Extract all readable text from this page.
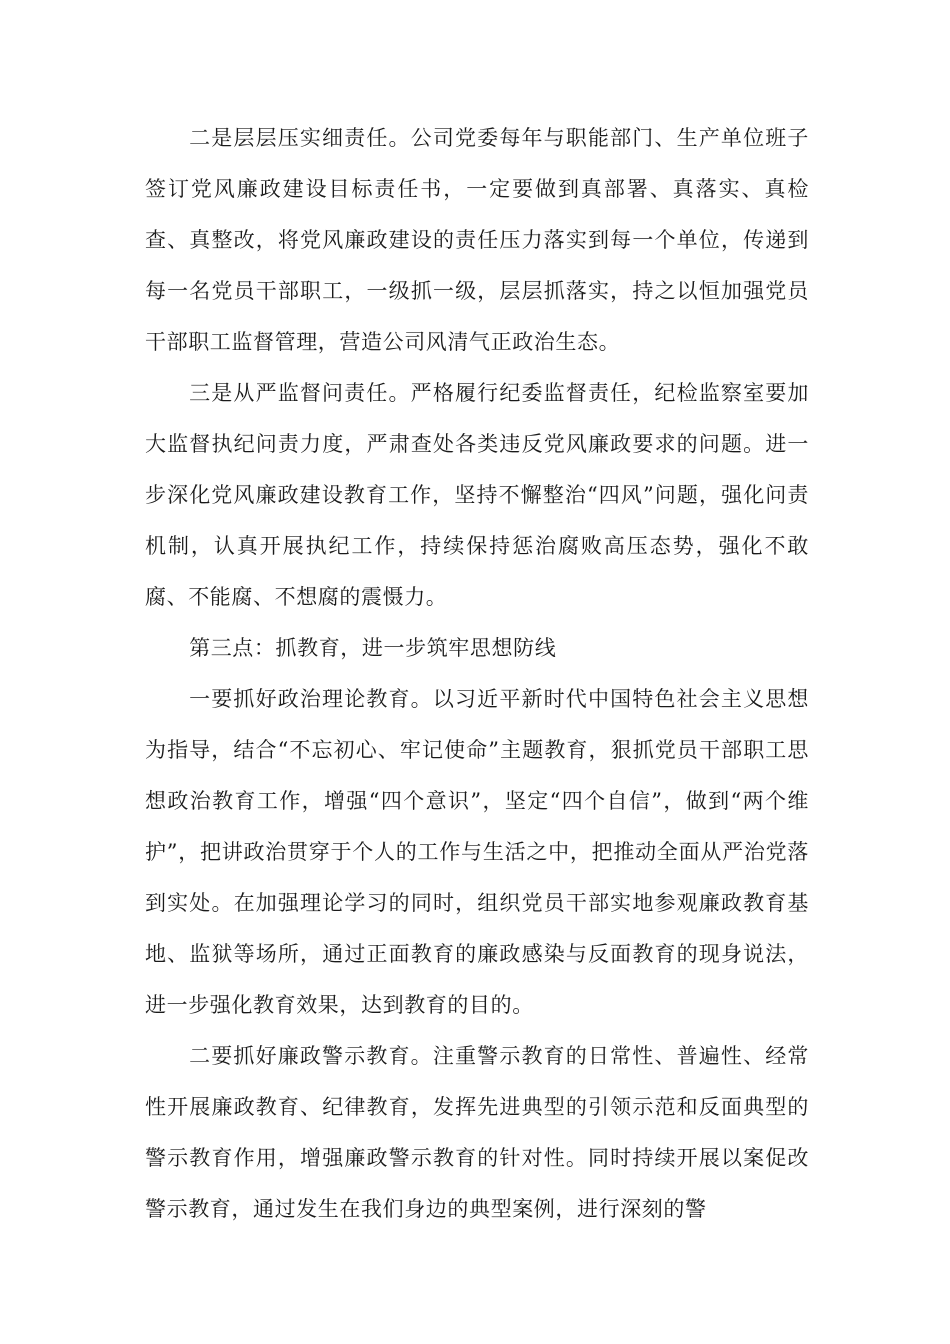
二是层层压实细责任。公司党委每年与职能部门、生产单位班子签订党风廉政建设目标责任书，一定要做到真部署、真落实、真检查、真整改，将党风廉政建设的责任压力落实到每一个单位，传递到每一名党员干部职工，一级抓一级，层层抓落实，持之以恒加强党员干部职工监督管理，营造公司风清气正政治生态。

三是从严监督问责任。严格履行纪委监督责任，纪检监察室要加大监督执纪问责力度，严肃查处各类违反党风廉政要求的问题。进一步深化党风廉政建设教育工作，坚持不懈整治“四风”问题，强化问责机制，认真开展执纪工作，持续保持惩治腐败高压态势，强化不敢腐、不能腐、不想腐的震慑力。

第三点：抓教育，进一步筑牢思想防线

一要抓好政治理论教育。以习近平新时代中国特色社会主义思想为指导，结合“不忘初心、牢记使命”主题教育，狠抓党员干部职工思想政治教育工作，增强“四个意识”，坚定“四个自信”，做到“两个维护”，把讲政治贯穿于个人的工作与生活之中，把推动全面从严治党落到实处。在加强理论学习的同时，组织党员干部实地参观廉政教育基地、监狱等场所，通过正面教育的廉政感染与反面教育的现身说法，进一步强化教育效果，达到教育的目的。

二要抓好廉政警示教育。注重警示教育的日常性、普遍性、经常性开展廉政教育、纪律教育，发挥先进典型的引领示范和反面典型的警示教育作用，增强廉政警示教育的针对性。同时持续开展以案促改警示教育，通过发生在我们身边的典型案例，进行深刻的警
